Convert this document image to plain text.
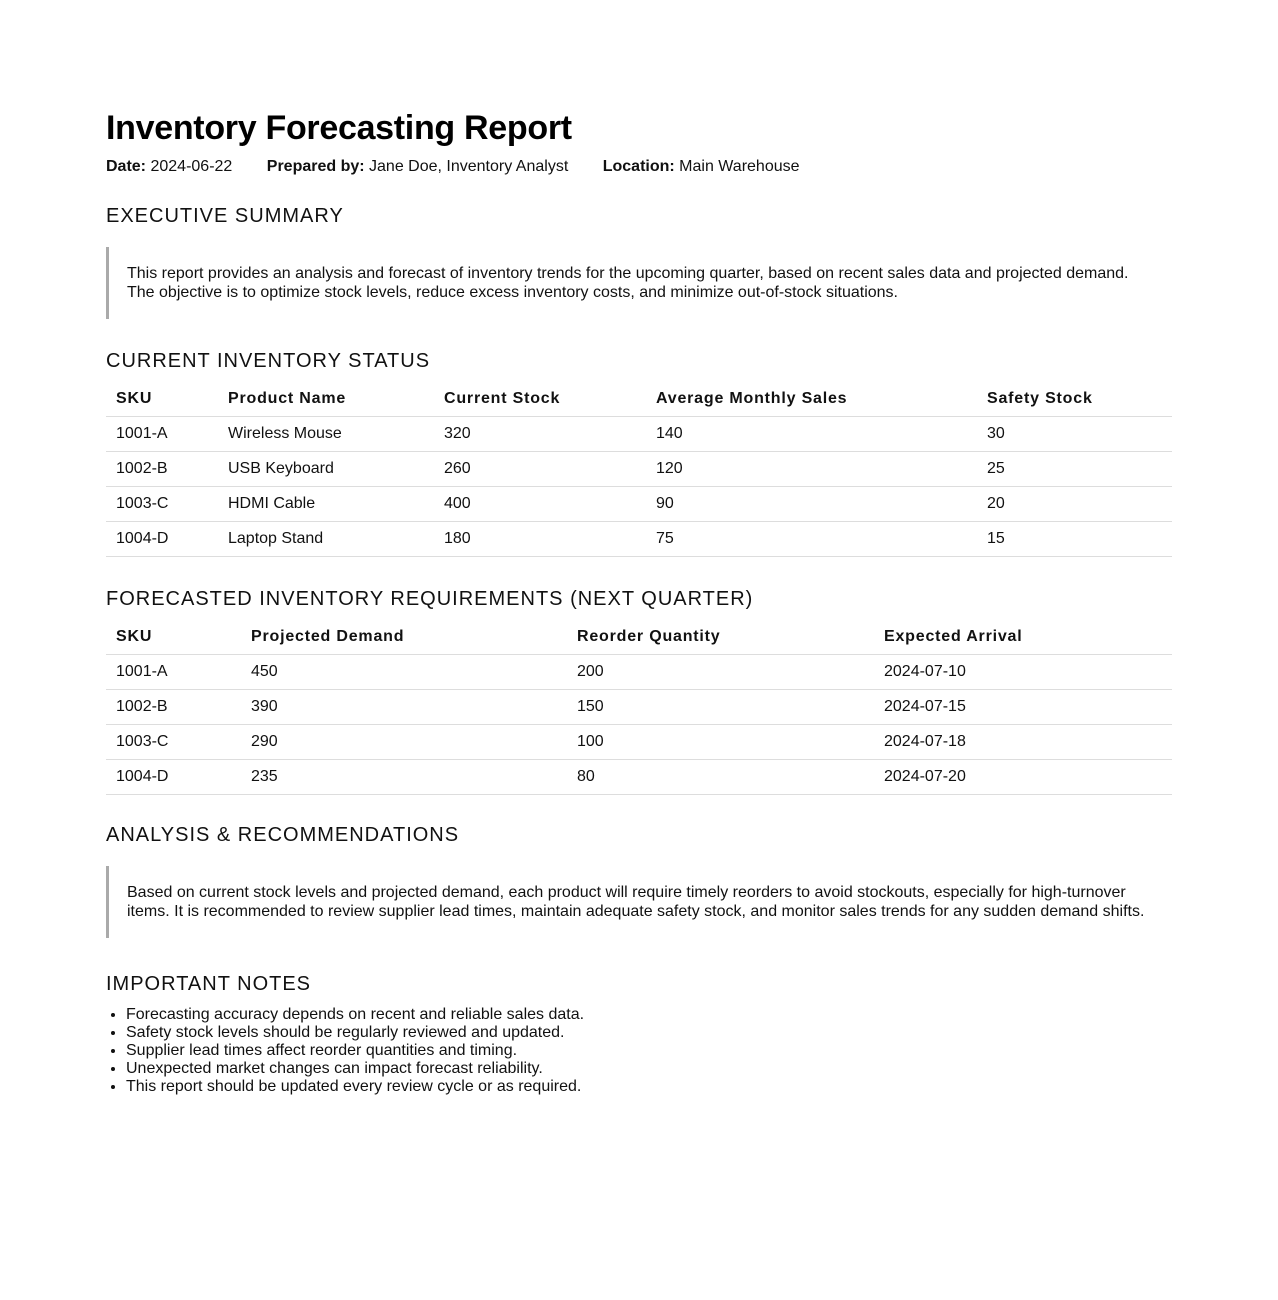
Inventory Forecasting Report
Date: 2024-06-22 Prepared by: Jane Doe, Inventory Analyst Location: Main Warehouse
EXECUTIVE SUMMARY
This report provides an analysis and forecast of inventory trends for the upcoming quarter, based on recent sales data and projected demand. The objective is to optimize stock levels, reduce excess inventory costs, and minimize out-of-stock situations.
CURRENT INVENTORY STATUS
SKU	Product Name	Current Stock	Average Monthly Sales	Safety Stock
1001-A	Wireless Mouse	320	140	30
1002-B	USB Keyboard	260	120	25
1003-C	HDMI Cable	400	90	20
1004-D	Laptop Stand	180	75	15
FORECASTED INVENTORY REQUIREMENTS (NEXT QUARTER)
SKU	Projected Demand	Reorder Quantity	Expected Arrival
1001-A	450	200	2024-07-10
1002-B	390	150	2024-07-15
1003-C	290	100	2024-07-18
1004-D	235	80	2024-07-20
ANALYSIS & RECOMMENDATIONS
Based on current stock levels and projected demand, each product will require timely reorders to avoid stockouts, especially for high-turnover items. It is recommended to review supplier lead times, maintain adequate safety stock, and monitor sales trends for any sudden demand shifts.
IMPORTANT NOTES
• Forecasting accuracy depends on recent and reliable sales data.
• Safety stock levels should be regularly reviewed and updated.
• Supplier lead times affect reorder quantities and timing.
• Unexpected market changes can impact forecast reliability.
• This report should be updated every review cycle or as required.
